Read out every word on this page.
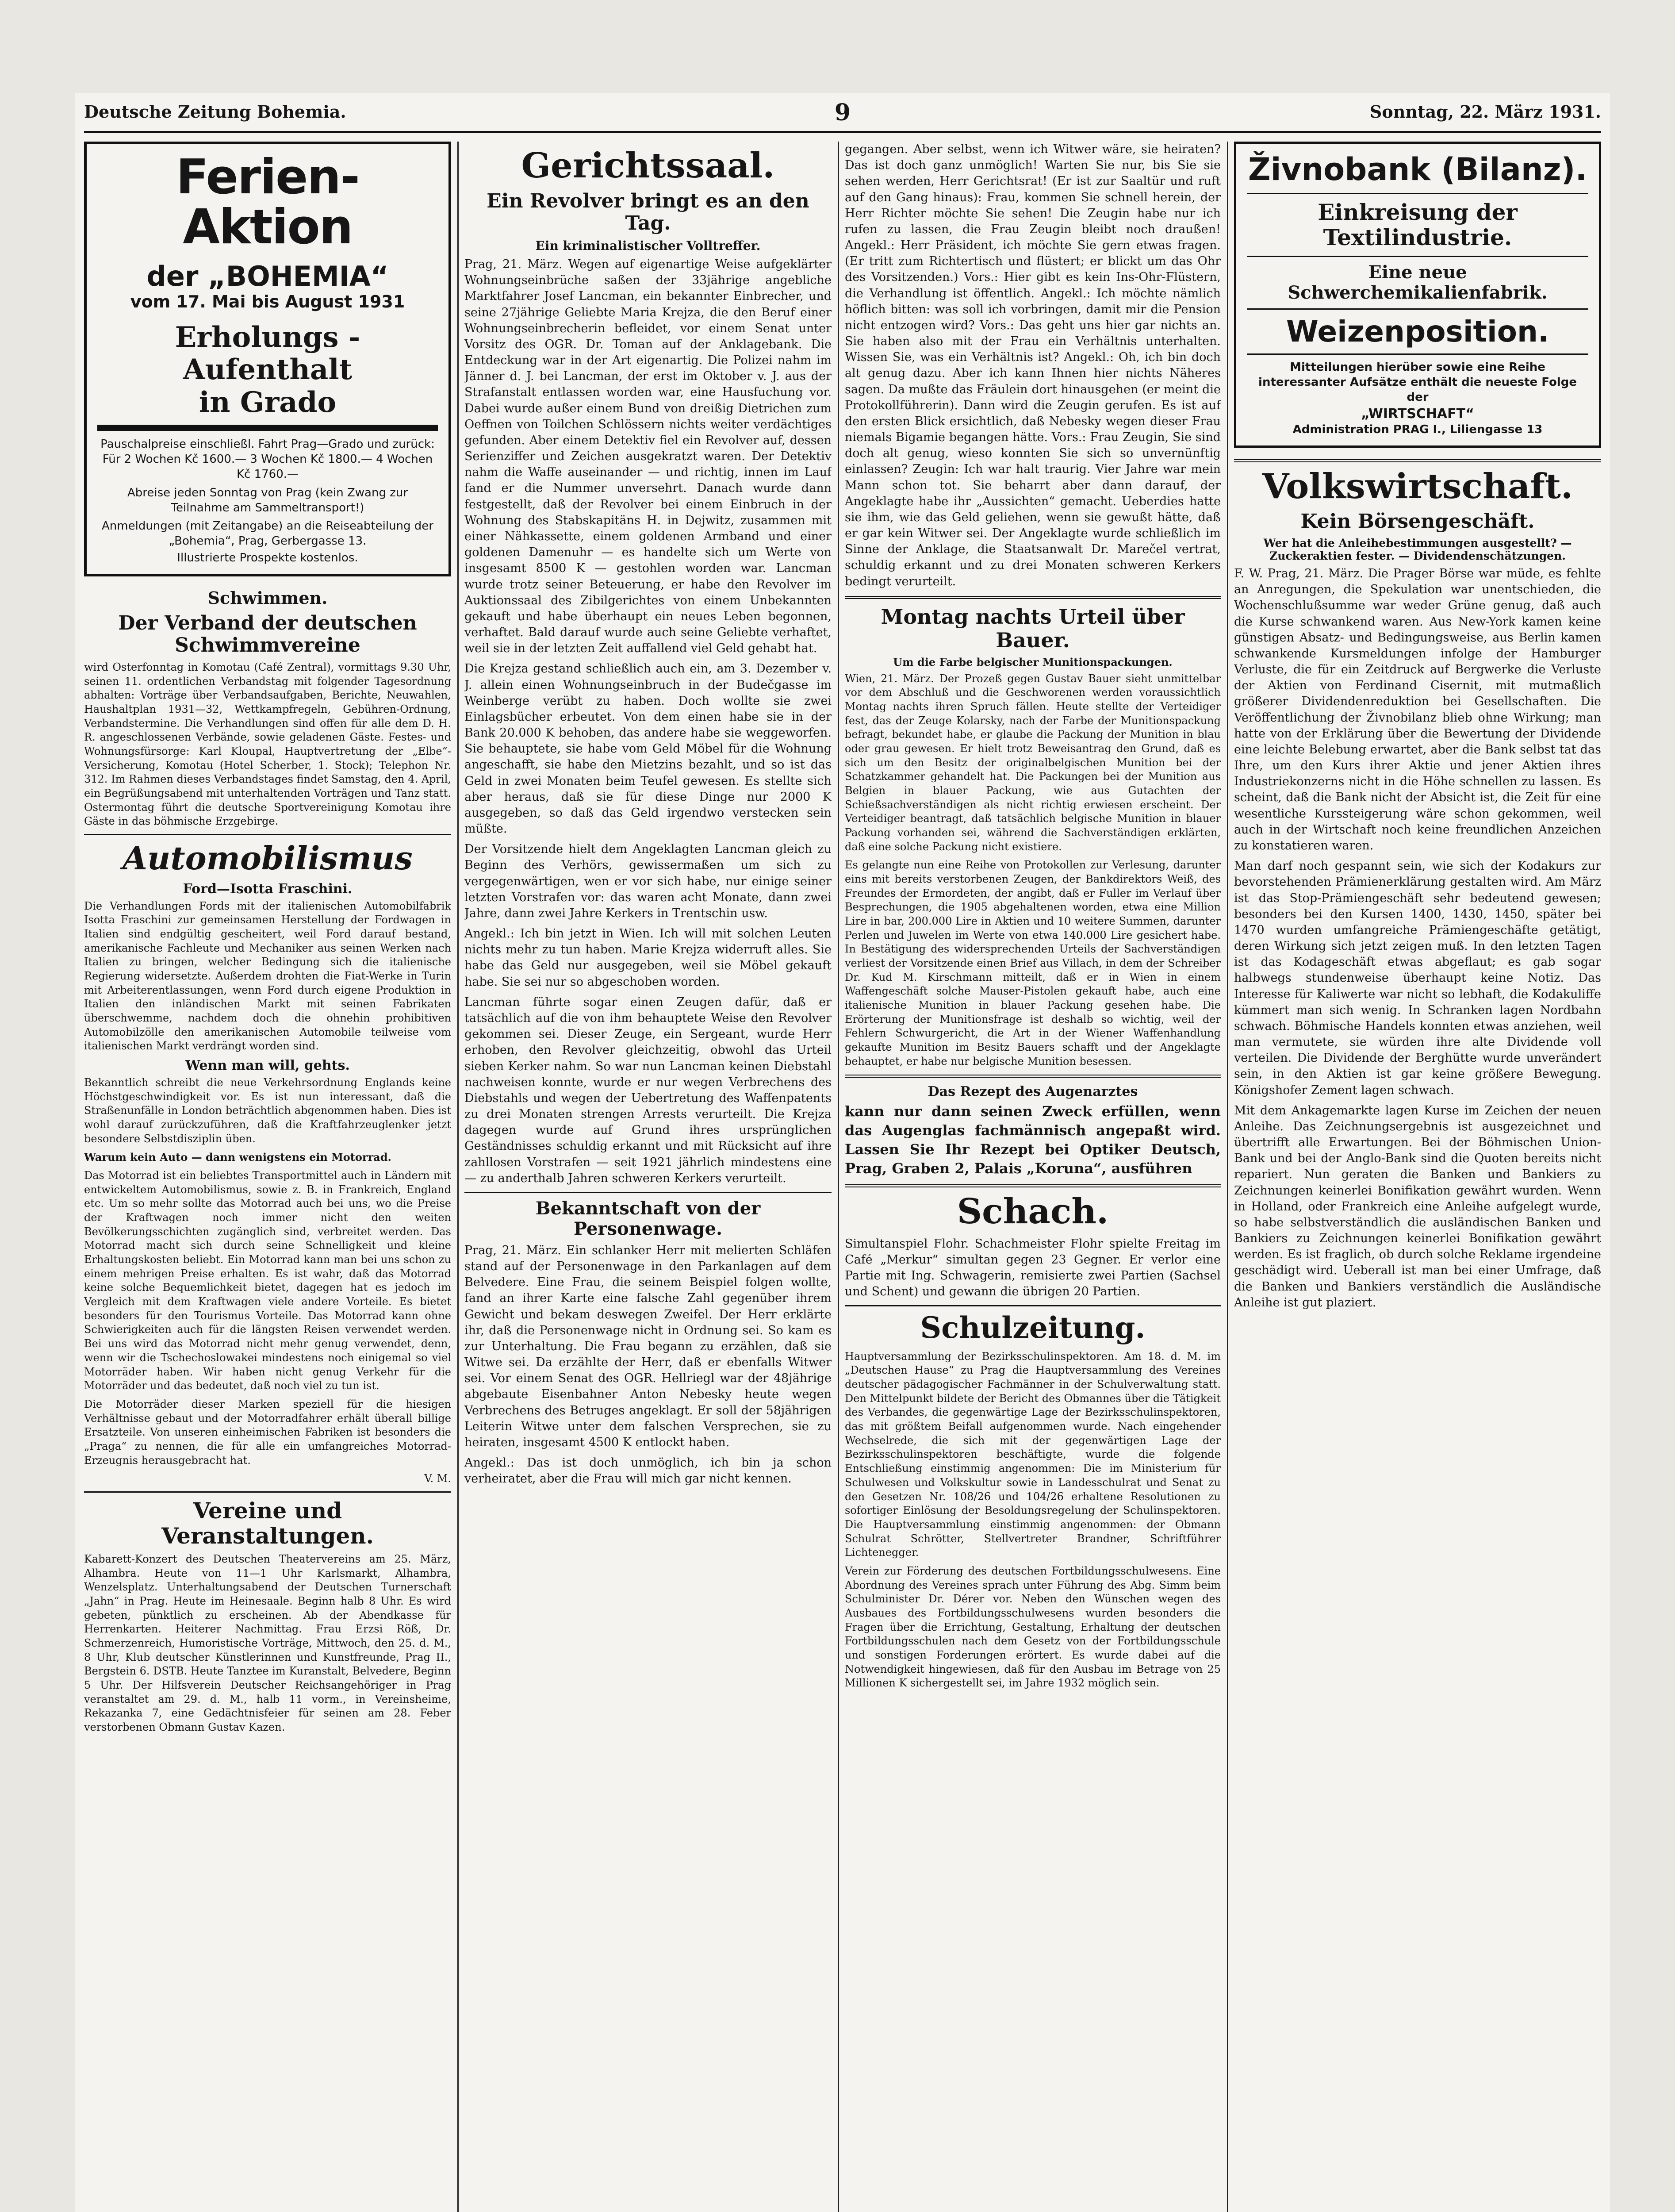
Deutsche Zeitung Bohemia.	9	Sonntag, 22. März 1931.
Ferien-Aktion
der „BOHEMIA“
vom 17. Mai bis August 1931
Erholungs - Aufenthalt
in Grado
Pauschalpreise einschließl. Fahrt Prag—Grado und zurück: Für 2 Wochen Kč 1600.— 3 Wochen Kč 1800.— 4 Wochen Kč 1760.—
Abreise jeden Sonntag von Prag (kein Zwang zur Teilnahme am Sammeltransport!)
Anmeldungen (mit Zeitangabe) an die Reiseabteilung der „Bohemia“, Prag, Gerbergasse 13.
Illustrierte Prospekte kostenlos.
Schwimmen.
Der Verband der deutschen Schwimmvereine

wird Osterfonntag in Komotau (Café Zentral), vormittags 9.30 Uhr, seinen 11. ordentlichen Verbandstag mit folgender Tagesordnung abhalten: Vorträge über Verbandsaufgaben, Berichte, Neuwahlen, Haushaltplan 1931—32, Wettkampfregeln, Gebühren-Ordnung, Verbandstermine. Die Verhandlungen sind offen für alle dem D. H. R. angeschlossenen Verbände, sowie geladenen Gäste. Festes- und Wohnungsfürsorge: Karl Kloupal, Hauptvertretung der „Elbe“-Versicherung, Komotau (Hotel Scherber, 1. Stock); Telephon Nr. 312. Im Rahmen dieses Verbandstages findet Samstag, den 4. April, ein Begrüßungsabend mit unterhaltenden Vorträgen und Tanz statt. Ostermontag führt die deutsche Sportvereinigung Komotau ihre Gäste in das böhmische Erzgebirge.

Automobilismus
Ford—Isotta Fraschini.

Die Verhandlungen Fords mit der italienischen Automobilfabrik Isotta Fraschini zur gemeinsamen Herstellung der Fordwagen in Italien sind endgültig gescheitert, weil Ford darauf bestand, amerikanische Fachleute und Mechaniker aus seinen Werken nach Italien zu bringen, welcher Bedingung sich die italienische Regierung widersetzte. Außerdem drohten die Fiat-Werke in Turin mit Arbeiterentlassungen, wenn Ford durch eigene Produktion in Italien den inländischen Markt mit seinen Fabrikaten überschwemme, nachdem doch die ohnehin prohibitiven Automobilzölle den amerikanischen Automobile teilweise vom italienischen Markt verdrängt worden sind.

Wenn man will, gehts.

Bekanntlich schreibt die neue Verkehrsordnung Englands keine Höchstgeschwindigkeit vor. Es ist nun interessant, daß die Straßenunfälle in London beträchtlich abgenommen haben. Dies ist wohl darauf zurückzuführen, daß die Kraftfahrzeuglenker jetzt besondere Selbstdisziplin üben.

Warum kein Auto — dann wenigstens ein Motorrad.

Das Motorrad ist ein beliebtes Transportmittel auch in Ländern mit entwickeltem Automobilismus, sowie z. B. in Frankreich, England etc. Um so mehr sollte das Motorrad auch bei uns, wo die Preise der Kraftwagen noch immer nicht den weiten Bevölkerungsschichten zugänglich sind, verbreitet werden. Das Motorrad macht sich durch seine Schnelligkeit und kleine Erhaltungskosten beliebt. Ein Motorrad kann man bei uns schon zu einem mehrigen Preise erhalten. Es ist wahr, daß das Motorrad keine solche Bequemlichkeit bietet, dagegen hat es jedoch im Vergleich mit dem Kraftwagen viele andere Vorteile. Es bietet besonders für den Tourismus Vorteile. Das Motorrad kann ohne Schwierigkeiten auch für die längsten Reisen verwendet werden. Bei uns wird das Motorrad nicht mehr genug verwendet, denn, wenn wir die Tschechoslowakei mindestens noch einigemal so viel Motorräder haben. Wir haben nicht genug Verkehr für die Motorräder und das bedeutet, daß noch viel zu tun ist.

Die Motorräder dieser Marken speziell für die hiesigen Verhältnisse gebaut und der Motorradfahrer erhält überall billige Ersatzteile. Von unseren einheimischen Fabriken ist besonders die „Praga“ zu nennen, die für alle ein umfangreiches Motorrad-Erzeugnis herausgebracht hat.

V. M.

Vereine und Veranstaltungen.

Kabarett-Konzert des Deutschen Theatervereins am 25. März, Alhambra. Heute von 11—1 Uhr Karlsmarkt, Alhambra, Wenzelsplatz. Unterhaltungsabend der Deutschen Turnerschaft „Jahn“ in Prag. Heute im Heinesaale. Beginn halb 8 Uhr. Es wird gebeten, pünktlich zu erscheinen. Ab der Abendkasse für Herrenkarten. Heiterer Nachmittag. Frau Erzsi Röß, Dr. Schmerzenreich, Humoristische Vorträge, Mittwoch, den 25. d. M., 8 Uhr, Klub deutscher Künstlerinnen und Kunstfreunde, Prag II., Bergstein 6. DSTB. Heute Tanztee im Kuranstalt, Belvedere, Beginn 5 Uhr. Der Hilfsverein Deutscher Reichsangehöriger in Prag veranstaltet am 29. d. M., halb 11 vorm., in Vereinsheime, Rekazanka 7, eine Gedächtnisfeier für seinen am 28. Feber verstorbenen Obmann Gustav Kazen.

Gerichtssaal.
Ein Revolver bringt es an den Tag.
Ein kriminalistischer Volltreffer.

Prag, 21. März. Wegen auf eigenartige Weise aufgeklärter Wohnungseinbrüche saßen der 33jährige angebliche Marktfahrer Josef Lancman, ein bekannter Einbrecher, und seine 27jährige Geliebte Maria Krejza, die den Beruf einer Wohnungseinbrecherin befleidet, vor einem Senat unter Vorsitz des OGR. Dr. Toman auf der Anklagebank. Die Entdeckung war in der Art eigenartig. Die Polizei nahm im Jänner d. J. bei Lancman, der erst im Oktober v. J. aus der Strafanstalt entlassen worden war, eine Hausfuchung vor. Dabei wurde außer einem Bund von dreißig Dietrichen zum Oeffnen von Toilchen Schlössern nichts weiter verdächtiges gefunden. Aber einem Detektiv fiel ein Revolver auf, dessen Serienziffer und Zeichen ausgekratzt waren. Der Detektiv nahm die Waffe auseinander — und richtig, innen im Lauf fand er die Nummer unversehrt. Danach wurde dann festgestellt, daß der Revolver bei einem Einbruch in der Wohnung des Stabskapitäns H. in Dejwitz, zusammen mit einer Nähkassette, einem goldenen Armband und einer goldenen Damenuhr — es handelte sich um Werte von insgesamt 8500 K — gestohlen worden war. Lancman wurde trotz seiner Beteuerung, er habe den Revolver im Auktionssaal des Zibilgerichtes von einem Unbekannten gekauft und habe überhaupt ein neues Leben begonnen, verhaftet. Bald darauf wurde auch seine Geliebte verhaftet, weil sie in der letzten Zeit auffallend viel Geld gehabt hat.

Die Krejza gestand schließlich auch ein, am 3. Dezember v. J. allein einen Wohnungseinbruch in der Budečgasse im Weinberge verübt zu haben. Doch wollte sie zwei Einlagsbücher erbeutet. Von dem einen habe sie in der Bank 20.000 K behoben, das andere habe sie weggeworfen. Sie behauptete, sie habe vom Geld Möbel für die Wohnung angeschafft, sie habe den Mietzins bezahlt, und so ist das Geld in zwei Monaten beim Teufel gewesen. Es stellte sich aber heraus, daß sie für diese Dinge nur 2000 K ausgegeben, so daß das Geld irgendwo verstecken sein müßte.

Der Vorsitzende hielt dem Angeklagten Lancman gleich zu Beginn des Verhörs, gewissermaßen um sich zu vergegenwärtigen, wen er vor sich habe, nur einige seiner letzten Vorstrafen vor: das waren acht Monate, dann zwei Jahre, dann zwei Jahre Kerkers in Trentschin usw.

Angekl.: Ich bin jetzt in Wien. Ich will mit solchen Leuten nichts mehr zu tun haben. Marie Krejza widerruft alles. Sie habe das Geld nur ausgegeben, weil sie Möbel gekauft habe. Sie sei nur so abgeschoben worden.

Lancman führte sogar einen Zeugen dafür, daß er tatsächlich auf die von ihm behauptete Weise den Revolver gekommen sei. Dieser Zeuge, ein Sergeant, wurde Herr erhoben, den Revolver gleichzeitig, obwohl das Urteil sieben Kerker nahm. So war nun Lancman keinen Diebstahl nachweisen konnte, wurde er nur wegen Verbrechens des Diebstahls und wegen der Uebertretung des Waffenpatents zu drei Monaten strengen Arrests verurteilt. Die Krejza dagegen wurde auf Grund ihres ursprünglichen Geständnisses schuldig erkannt und mit Rücksicht auf ihre zahllosen Vorstrafen — seit 1921 jährlich mindestens eine — zu anderthalb Jahren schweren Kerkers verurteilt.

Bekanntschaft von der Personenwage.

Prag, 21. März. Ein schlanker Herr mit melierten Schläfen stand auf der Personenwage in den Parkanlagen auf dem Belvedere. Eine Frau, die seinem Beispiel folgen wollte, fand an ihrer Karte eine falsche Zahl gegenüber ihrem Gewicht und bekam deswegen Zweifel. Der Herr erklärte ihr, daß die Personenwage nicht in Ordnung sei. So kam es zur Unterhaltung. Die Frau begann zu erzählen, daß sie Witwe sei. Da erzählte der Herr, daß er ebenfalls Witwer sei. Vor einem Senat des OGR. Hellriegl war der 48jährige abgebaute Eisenbahner Anton Nebesky heute wegen Verbrechens des Betruges angeklagt. Er soll der 58jährigen Leiterin Witwe unter dem falschen Versprechen, sie zu heiraten, insgesamt 4500 K entlockt haben.

Angekl.: Das ist doch unmöglich, ich bin ja schon verheiratet, aber die Frau will mich gar nicht kennen.

gegangen. Aber selbst, wenn ich Witwer wäre, sie heiraten? Das ist doch ganz unmöglich! Warten Sie nur, bis Sie sie sehen werden, Herr Gerichtsrat! (Er ist zur Saaltür und ruft auf den Gang hinaus): Frau, kommen Sie schnell herein, der Herr Richter möchte Sie sehen! Die Zeugin habe nur ich rufen zu lassen, die Frau Zeugin bleibt noch draußen! Angekl.: Herr Präsident, ich möchte Sie gern etwas fragen. (Er tritt zum Richtertisch und flüstert; er blickt um das Ohr des Vorsitzenden.) Vors.: Hier gibt es kein Ins-Ohr-Flüstern, die Verhandlung ist öffentlich. Angekl.: Ich möchte nämlich höflich bitten: was soll ich vorbringen, damit mir die Pension nicht entzogen wird? Vors.: Das geht uns hier gar nichts an. Sie haben also mit der Frau ein Verhältnis unterhalten. Wissen Sie, was ein Verhältnis ist? Angekl.: Oh, ich bin doch alt genug dazu. Aber ich kann Ihnen hier nichts Näheres sagen. Da mußte das Fräulein dort hinausgehen (er meint die Protokollführerin). Dann wird die Zeugin gerufen. Es ist auf den ersten Blick ersichtlich, daß Nebesky wegen dieser Frau niemals Bigamie begangen hätte. Vors.: Frau Zeugin, Sie sind doch alt genug, wieso konnten Sie sich so unvernünftig einlassen? Zeugin: Ich war halt traurig. Vier Jahre war mein Mann schon tot. Sie beharrt aber dann darauf, der Angeklagte habe ihr „Aussichten“ gemacht. Ueberdies hatte sie ihm, wie das Geld geliehen, wenn sie gewußt hätte, daß er gar kein Witwer sei. Der Angeklagte wurde schließlich im Sinne der Anklage, die Staatsanwalt Dr. Marečel vertrat, schuldig erkannt und zu drei Monaten schweren Kerkers bedingt verurteilt.

Montag nachts Urteil über Bauer.
Um die Farbe belgischer Munitionspackungen.

Wien, 21. März. Der Prozeß gegen Gustav Bauer sieht unmittelbar vor dem Abschluß und die Geschworenen werden voraussichtlich Montag nachts ihren Spruch fällen. Heute stellte der Verteidiger fest, das der Zeuge Kolarsky, nach der Farbe der Munitionspackung befragt, bekundet habe, er glaube die Packung der Munition in blau oder grau gewesen. Er hielt trotz Beweisantrag den Grund, daß es sich um den Besitz der originalbelgischen Munition bei der Schatzkammer gehandelt hat. Die Packungen bei der Munition aus Belgien in blauer Packung, wie aus Gutachten der Schießsachverständigen als nicht richtig erwiesen erscheint. Der Verteidiger beantragt, daß tatsächlich belgische Munition in blauer Packung vorhanden sei, während die Sachverständigen erklärten, daß eine solche Packung nicht existiere.

Es gelangte nun eine Reihe von Protokollen zur Verlesung, darunter eins mit bereits verstorbenen Zeugen, der Bankdirektors Weiß, des Freundes der Ermordeten, der angibt, daß er Fuller im Verlauf über Besprechungen, die 1905 abgehaltenen worden, etwa eine Million Lire in bar, 200.000 Lire in Aktien und 10 weitere Summen, darunter Perlen und Juwelen im Werte von etwa 140.000 Lire gesichert habe. In Bestätigung des widersprechenden Urteils der Sachverständigen verliest der Vorsitzende einen Brief aus Villach, in dem der Schreiber Dr. Kud M. Kirschmann mitteilt, daß er in Wien in einem Waffengeschäft solche Mauser-Pistolen gekauft habe, auch eine italienische Munition in blauer Packung gesehen habe. Die Erörterung der Munitionsfrage ist deshalb so wichtig, weil der Fehlern Schwurgericht, die Art in der Wiener Waffenhandlung gekaufte Munition im Besitz Bauers schafft und der Angeklagte behauptet, er habe nur belgische Munition besessen.

Das Rezept des Augenarztes

kann nur dann seinen Zweck erfüllen, wenn das Augenglas fachmännisch angepaßt wird. Lassen Sie Ihr Rezept bei Optiker Deutsch, Prag, Graben 2, Palais „Koruna“, ausführen

Schach.

Simultanspiel Flohr. Schachmeister Flohr spielte Freitag im Café „Merkur“ simultan gegen 23 Gegner. Er verlor eine Partie mit Ing. Schwagerin, remisierte zwei Partien (Sachsel und Schent) und gewann die übrigen 20 Partien.

Schulzeitung.

Hauptversammlung der Bezirksschulinspektoren. Am 18. d. M. im „Deutschen Hause“ zu Prag die Hauptversammlung des Vereines deutscher pädagogischer Fachmänner in der Schulverwaltung statt. Den Mittelpunkt bildete der Bericht des Obmannes über die Tätigkeit des Verbandes, die gegenwärtige Lage der Bezirksschulinspektoren, das mit größtem Beifall aufgenommen wurde. Nach eingehender Wechselrede, die sich mit der gegenwärtigen Lage der Bezirksschulinspektoren beschäftigte, wurde die folgende Entschließung einstimmig angenommen: Die im Ministerium für Schulwesen und Volkskultur sowie in Landesschulrat und Senat zu den Gesetzen Nr. 108/26 und 104/26 erhaltene Resolutionen zu sofortiger Einlösung der Besoldungsregelung der Schulinspektoren. Die Hauptversammlung einstimmig angenommen: der Obmann Schulrat Schrötter, Stellvertreter Brandner, Schriftführer Lichtenegger.

Verein zur Förderung des deutschen Fortbildungsschulwesens. Eine Abordnung des Vereines sprach unter Führung des Abg. Simm beim Schulminister Dr. Dérer vor. Neben den Wünschen wegen des Ausbaues des Fortbildungsschulwesens wurden besonders die Fragen über die Errichtung, Gestaltung, Erhaltung der deutschen Fortbildungsschulen nach dem Gesetz von der Fortbildungsschule und sonstigen Forderungen erörtert. Es wurde dabei auf die Notwendigkeit hingewiesen, daß für den Ausbau im Betrage von 25 Millionen K sichergestellt sei, im Jahre 1932 möglich sein.

Živnobank (Bilanz).
Einkreisung der Textilindustrie.
Eine neue Schwerchemikalienfabrik.
Weizenposition.
Mitteilungen hierüber sowie eine Reihe interessanter Aufsätze enthält die neueste Folge der
„WIRTSCHAFT“
Administration PRAG I., Liliengasse 13
Volkswirtschaft.
Kein Börsengeschäft.
Wer hat die Anleihebestimmungen ausgestellt? — Zuckeraktien fester. — Dividendenschätzungen.

F. W. Prag, 21. März. Die Prager Börse war müde, es fehlte an Anregungen, die Spekulation war unentschieden, die Wochenschlußsumme war weder Grüne genug, daß auch die Kurse schwankend waren. Aus New-York kamen keine günstigen Absatz- und Bedingungsweise, aus Berlin kamen schwankende Kursmeldungen infolge der Hamburger Verluste, die für ein Zeitdruck auf Bergwerke die Verluste der Aktien von Ferdinand Cisernit, mit mutmaßlich größerer Dividendenreduktion bei Gesellschaften. Die Veröffentlichung der Živnobilanz blieb ohne Wirkung; man hatte von der Erklärung über die Bewertung der Dividende eine leichte Belebung erwartet, aber die Bank selbst tat das Ihre, um den Kurs ihrer Aktie und jener Aktien ihres Industriekonzerns nicht in die Höhe schnellen zu lassen. Es scheint, daß die Bank nicht der Absicht ist, die Zeit für eine wesentliche Kurssteigerung wäre schon gekommen, weil auch in der Wirtschaft noch keine freundlichen Anzeichen zu konstatieren waren.

Man darf noch gespannt sein, wie sich der Kodakurs zur bevorstehenden Prämienerklärung gestalten wird. Am März ist das Stop-Prämiengeschäft sehr bedeutend gewesen; besonders bei den Kursen 1400, 1430, 1450, später bei 1470 wurden umfangreiche Prämiengeschäfte getätigt, deren Wirkung sich jetzt zeigen muß. In den letzten Tagen ist das Kodageschäft etwas abgeflaut; es gab sogar halbwegs stundenweise überhaupt keine Notiz. Das Interesse für Kaliwerte war nicht so lebhaft, die Kodakuliffe kümmert man sich wenig. In Schranken lagen Nordbahn schwach. Böhmische Handels konnten etwas anziehen, weil man vermutete, sie würden ihre alte Dividende voll verteilen. Die Dividende der Berghütte wurde unverändert sein, in den Aktien ist gar keine größere Bewegung. Königshofer Zement lagen schwach.

Mit dem Ankagemarkte lagen Kurse im Zeichen der neuen Anleihe. Das Zeichnungsergebnis ist ausgezeichnet und übertrifft alle Erwartungen. Bei der Böhmischen Union-Bank und bei der Anglo-Bank sind die Quoten bereits nicht repariert. Nun geraten die Banken und Bankiers zu Zeichnungen keinerlei Bonifikation gewährt wurden. Wenn in Holland, oder Frankreich eine Anleihe aufgelegt wurde, so habe selbstverständlich die ausländischen Banken und Bankiers zu Zeichnungen keinerlei Bonifikation gewährt werden. Es ist fraglich, ob durch solche Reklame irgendeine geschädigt wird. Ueberall ist man bei einer Umfrage, daß die Banken und Bankiers verständlich die Ausländische Anleihe ist gut plaziert.
